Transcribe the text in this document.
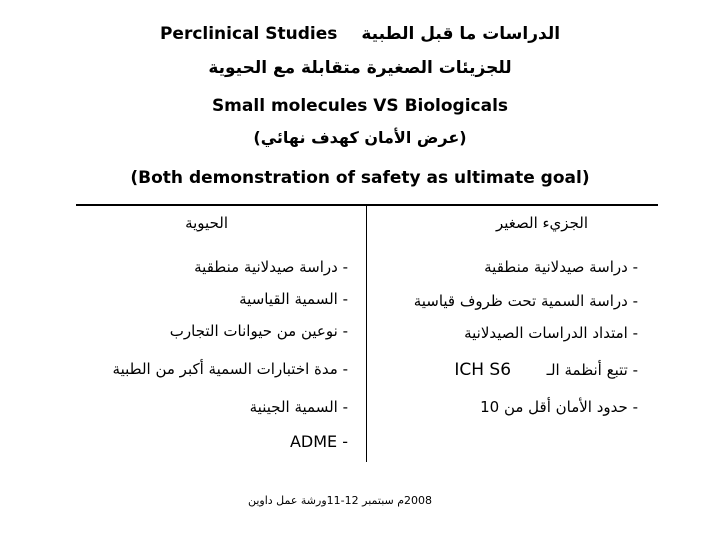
Perclinical Studies الدراسات ما قبل الطبية
للجزيئات الصغيرة متقابلة مع الحيوية
Small molecules VS Biologicals
(عرض الأمان كهدف نهائي)
(Both demonstration of safety as ultimate goal)
الجزيء الصغير
- دراسة صيدلانية منطقية
- دراسة السمية تحت ظروف قياسية
- امتداد الدراسات الصيدلانية
- تتبع أنظمة الـ  ICH S6
- حدود الأمان أقل من 10
الحيوية
- دراسة صيدلانية منطقية
- السمية القياسية
- نوعين من حيوانات التجارب
- مدة اختبارات السمية أكبر من الطبية
- السمية الجينية
ADME -
2008م سبتمبر 12-11ورشة عمل داوين
